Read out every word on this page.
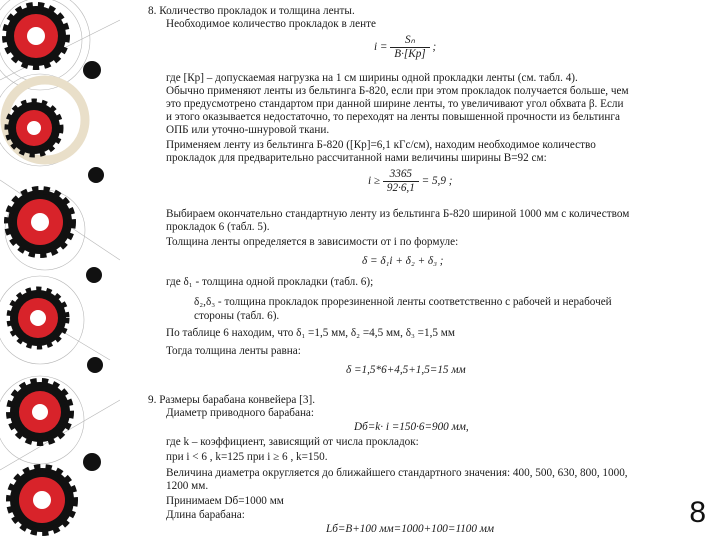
8. Количество прокладок и толщина ленты.
Необходимое количество прокладок в ленте
$i = \frac{\text{Sₙ}}{B\cdot[Kp]}$ ;
где [Кр] – допускаемая нагрузка на 1 см ширины одной прокладки ленты (см. табл. 4).
Обычно применяют ленты из бельтинга Б-820, если при этом прокладок получается больше, чем
это предусмотрено стандартом при данной ширине ленты, то увеличивают угол обхвата β. Если
и этого оказывается недостаточно, то переходят на ленты повышенной прочности из бельтинга
ОПБ или уточно-шнуровой ткани.
Применяем ленту из бельтинга Б-820 ([Кр]=6,1 кГс/см), находим необходимое количество
прокладок для предварительно рассчитанной нами величины ширины В=92 см:
$i \ge \frac{3365}{92\cdot 6,1} = 5,9$ ;
Выбираем окончательно стандартную ленту из бельтинга Б-820 шириной 1000 мм с количеством
прокладок 6 (табл. 5).
Толщина ленты определяется в зависимости от i по формуле:
δ = δ₁i + δ₂ + δ₃ ;
где δ₁ - толщина одной прокладки (табл. 6);
δ₂,δ₃ - толщина прокладок прорезиненной ленты соответственно с рабочей и нерабочей
стороны (табл. 6).
По таблице 6 находим, что δ₁ =1,5 мм, δ₂ =4,5 мм, δ₃ =1,5 мм
Тогда толщина ленты равна:
δ =1,5*6+4,5+1,5=15 мм
9. Размеры барабана конвейера [3].
Диаметр приводного барабана:
Dб=k· i =150·6=900 мм,
где k – коэффициент, зависящий от числа прокладок:
при i < 6 , k=125 при i ≥ 6 , k=150.
Величина диаметра округляется до ближайшего стандартного значения: 400, 500, 630, 800, 1000,
1200 мм.
Принимаем Dб=1000 мм
Длина барабана:
Lб=B+100 мм=1000+100=1100 мм	8
